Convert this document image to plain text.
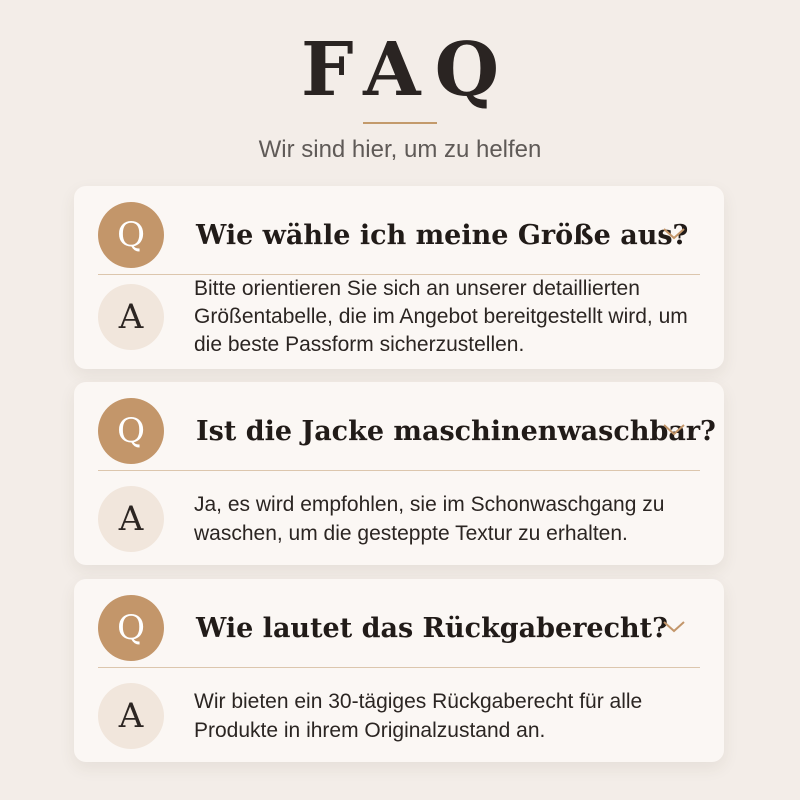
FAQ
Wir sind hier, um zu helfen
Q	Wie wähle ich meine Größe aus?
A
Bitte orientieren Sie sich an unserer detaillierten Größentabelle, die im Angebot bereitgestellt wird, um die beste Passform sicherzustellen.
Q	Ist die Jacke maschinenwaschbar?
A	Ja, es wird empfohlen, sie im Schonwaschgang zu waschen, um die gesteppte Textur zu erhalten.
Q	Wie lautet das Rückgaberecht?
A	Wir bieten ein 30-tägiges Rückgaberecht für alle Produkte in ihrem Originalzustand an.
